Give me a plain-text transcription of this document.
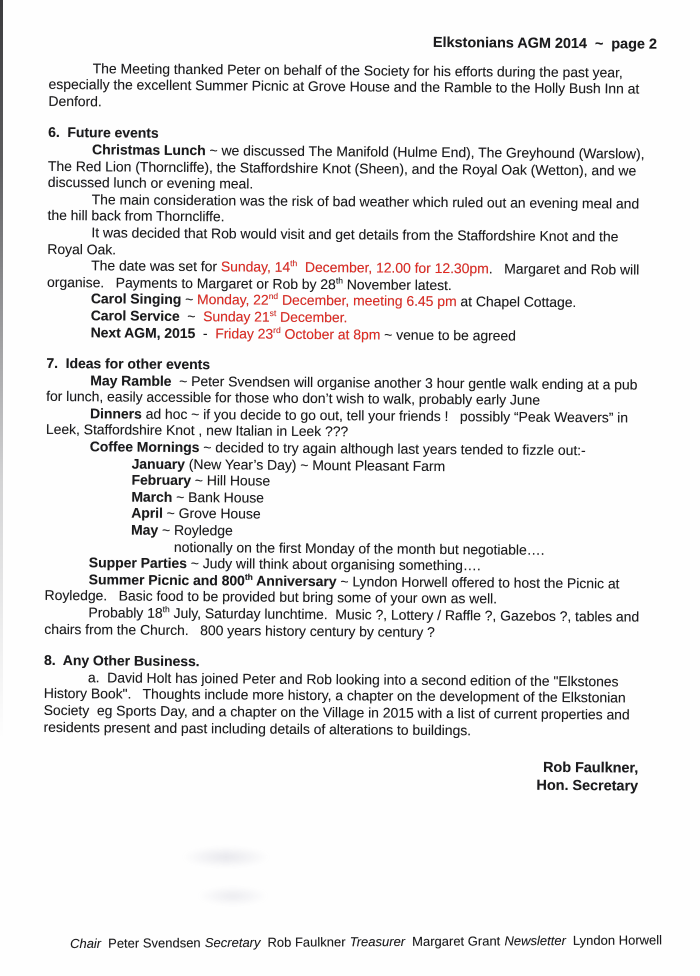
Elkstonians AGM 2014  ~  page 2
The Meeting thanked Peter on behalf of the Society for his efforts during the past year, especially the excellent Summer Picnic at Grove House and the Ramble to the Holly Bush Inn at Denford.
6.  Future events
Christmas Lunch ~ we discussed The Manifold (Hulme End), The Greyhound (Warslow), The Red Lion (Thorncliffe), the Staffordshire Knot (Sheen), and the Royal Oak (Wetton), and we discussed lunch or evening meal.
The main consideration was the risk of bad weather which ruled out an evening meal and the hill back from Thorncliffe.
It was decided that Rob would visit and get details from the Staffordshire Knot and the Royal Oak.
The date was set for Sunday, 14th  December, 12.00 for 12.30pm.   Margaret and Rob will organise.   Payments to Margaret or Rob by 28th November latest.
Carol Singing ~ Monday, 22nd December, meeting 6.45 pm at Chapel Cottage.
Carol Service  ~  Sunday 21st December.
Next AGM, 2015  -  Friday 23rd October at 8pm ~ venue to be agreed
7.  Ideas for other events
May Ramble  ~ Peter Svendsen will organise another 3 hour gentle walk ending at a pub for lunch, easily accessible for those who don’t wish to walk, probably early June
Dinners ad hoc ~ if you decide to go out, tell your friends !   possibly “Peak Weavers” in Leek, Staffordshire Knot , new Italian in Leek ???
Coffee Mornings ~ decided to try again although last years tended to fizzle out:-
January (New Year’s Day) ~ Mount Pleasant Farm
February ~ Hill House
March ~ Bank House
April ~ Grove House
May ~ Royledge
notionally on the first Monday of the month but negotiable….
Supper Parties ~ Judy will think about organising something….
Summer Picnic and 800th Anniversary ~ Lyndon Horwell offered to host the Picnic at Royledge.   Basic food to be provided but bring some of your own as well.
Probably 18th July, Saturday lunchtime.  Music ?, Lottery / Raffle ?, Gazebos ?, tables and chairs from the Church.   800 years history century by century ?
8.  Any Other Business.
a.  David Holt has joined Peter and Rob looking into a second edition of the "Elkstones History Book".   Thoughts include more history, a chapter on the development of the Elkstonian Society  eg Sports Day, and a chapter on the Village in 2015 with a list of current properties and residents present and past including details of alterations to buildings.
Rob Faulkner,
Hon. Secretary
Chair Peter Svendsen Secretary Rob Faulkner Treasurer Margaret Grant Newsletter Lyndon Horwell
